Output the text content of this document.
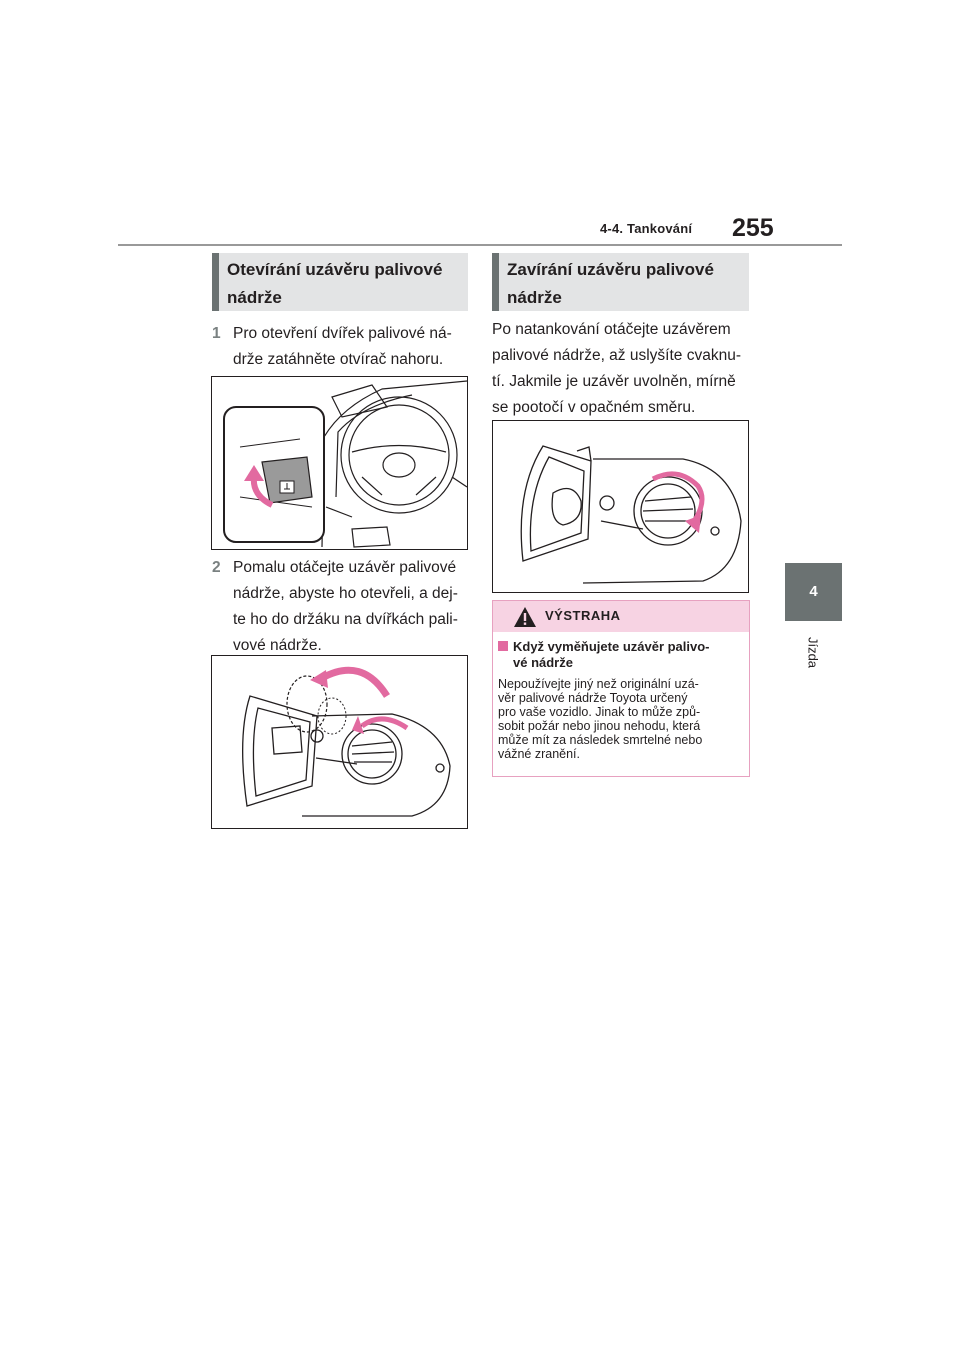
4-4. Tankování 255
4
Jízda
Otevírání uzávěru palivové
nádrže
1 Pro otevření dvířek palivové ná-
drže zatáhněte otvírač nahoru.
2 Pomalu otáčejte uzávěr palivové
nádrže, abyste ho otevřeli, a dej-
te ho do držáku na dvířkách pali-
vové nádrže.
Zavírání uzávěru palivové
nádrže
Po natankování otáčejte uzávěrem
palivové nádrže, až uslyšíte cvaknu-
tí. Jakmile je uzávěr uvolněn, mírně
se pootočí v opačném směru.
VÝSTRAHA
Když vyměňujete uzávěr palivo-
vé nádrže
Nepoužívejte jiný než originální uzá-
věr palivové nádrže Toyota určený
pro vaše vozidlo. Jinak to může způ-
sobit požár nebo jinou nehodu, která
může mít za následek smrtelné nebo
vážné zranění.
